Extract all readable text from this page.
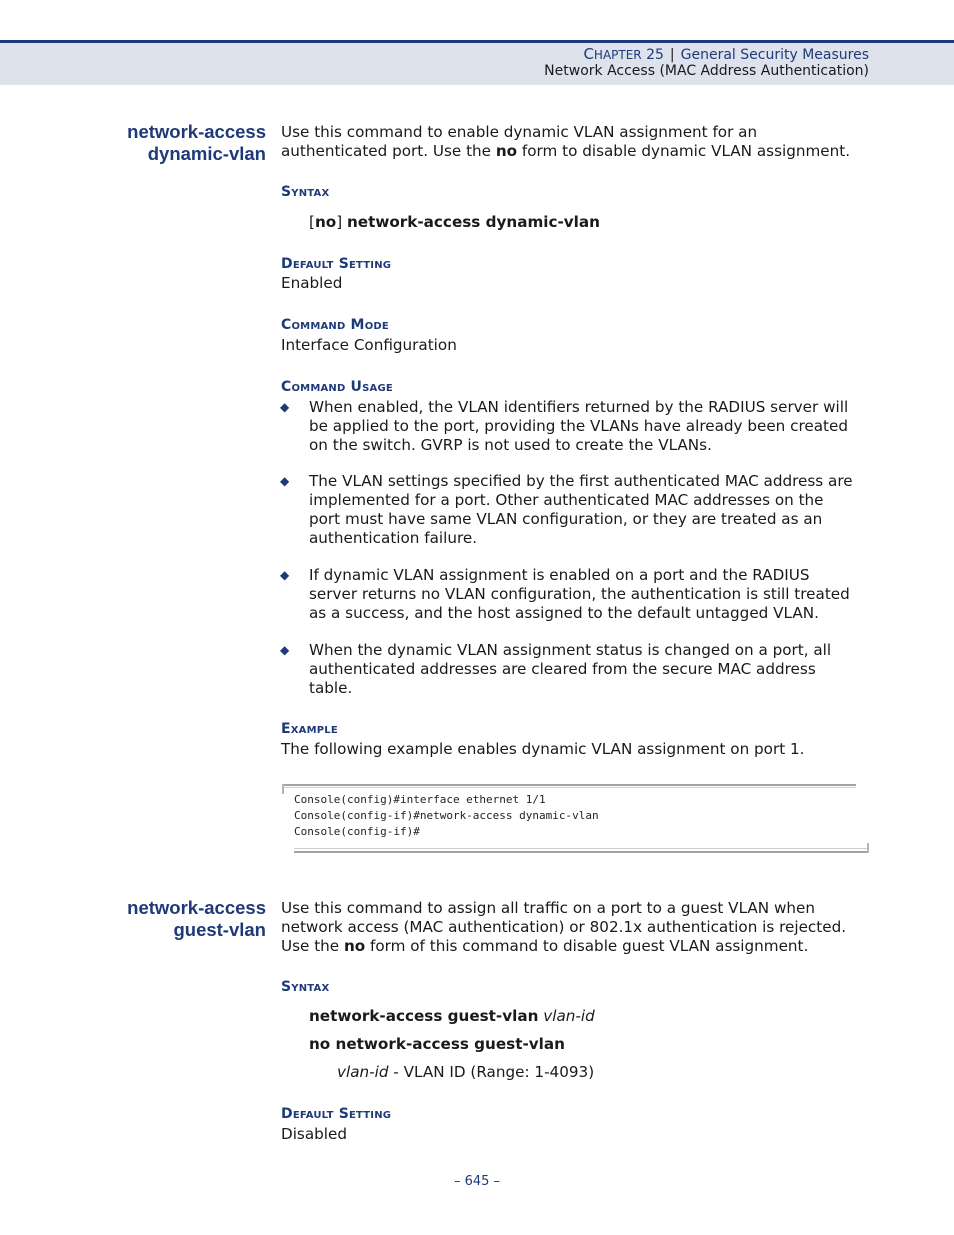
CHAPTER 25 | General Security Measures
Network Access (MAC Address Authentication)
network-access
dynamic-vlan
Use this command to enable dynamic VLAN assignment for an
authenticated port. Use the no form to disable dynamic VLAN assignment.
Syntax
[no] network-access dynamic-vlan
Default Setting
Enabled
Command Mode
Interface Configuration
Command Usage
◆ When enabled, the VLAN identifiers returned by the RADIUS server will
be applied to the port, providing the VLANs have already been created
on the switch. GVRP is not used to create the VLANs.
◆ The VLAN settings specified by the first authenticated MAC address are
implemented for a port. Other authenticated MAC addresses on the
port must have same VLAN configuration, or they are treated as an
authentication failure.
◆ If dynamic VLAN assignment is enabled on a port and the RADIUS
server returns no VLAN configuration, the authentication is still treated
as a success, and the host assigned to the default untagged VLAN.
◆ When the dynamic VLAN assignment status is changed on a port, all
authenticated addresses are cleared from the secure MAC address
table.
Example
The following example enables dynamic VLAN assignment on port 1.
Console(config)#interface ethernet 1/1
Console(config-if)#network-access dynamic-vlan
Console(config-if)#
network-access
guest-vlan
Use this command to assign all traffic on a port to a guest VLAN when
network access (MAC authentication) or 802.1x authentication is rejected.
Use the no form of this command to disable guest VLAN assignment.
Syntax
network-access guest-vlan vlan-id
no network-access guest-vlan
vlan-id - VLAN ID (Range: 1-4093)
Default Setting
Disabled
– 645 –
